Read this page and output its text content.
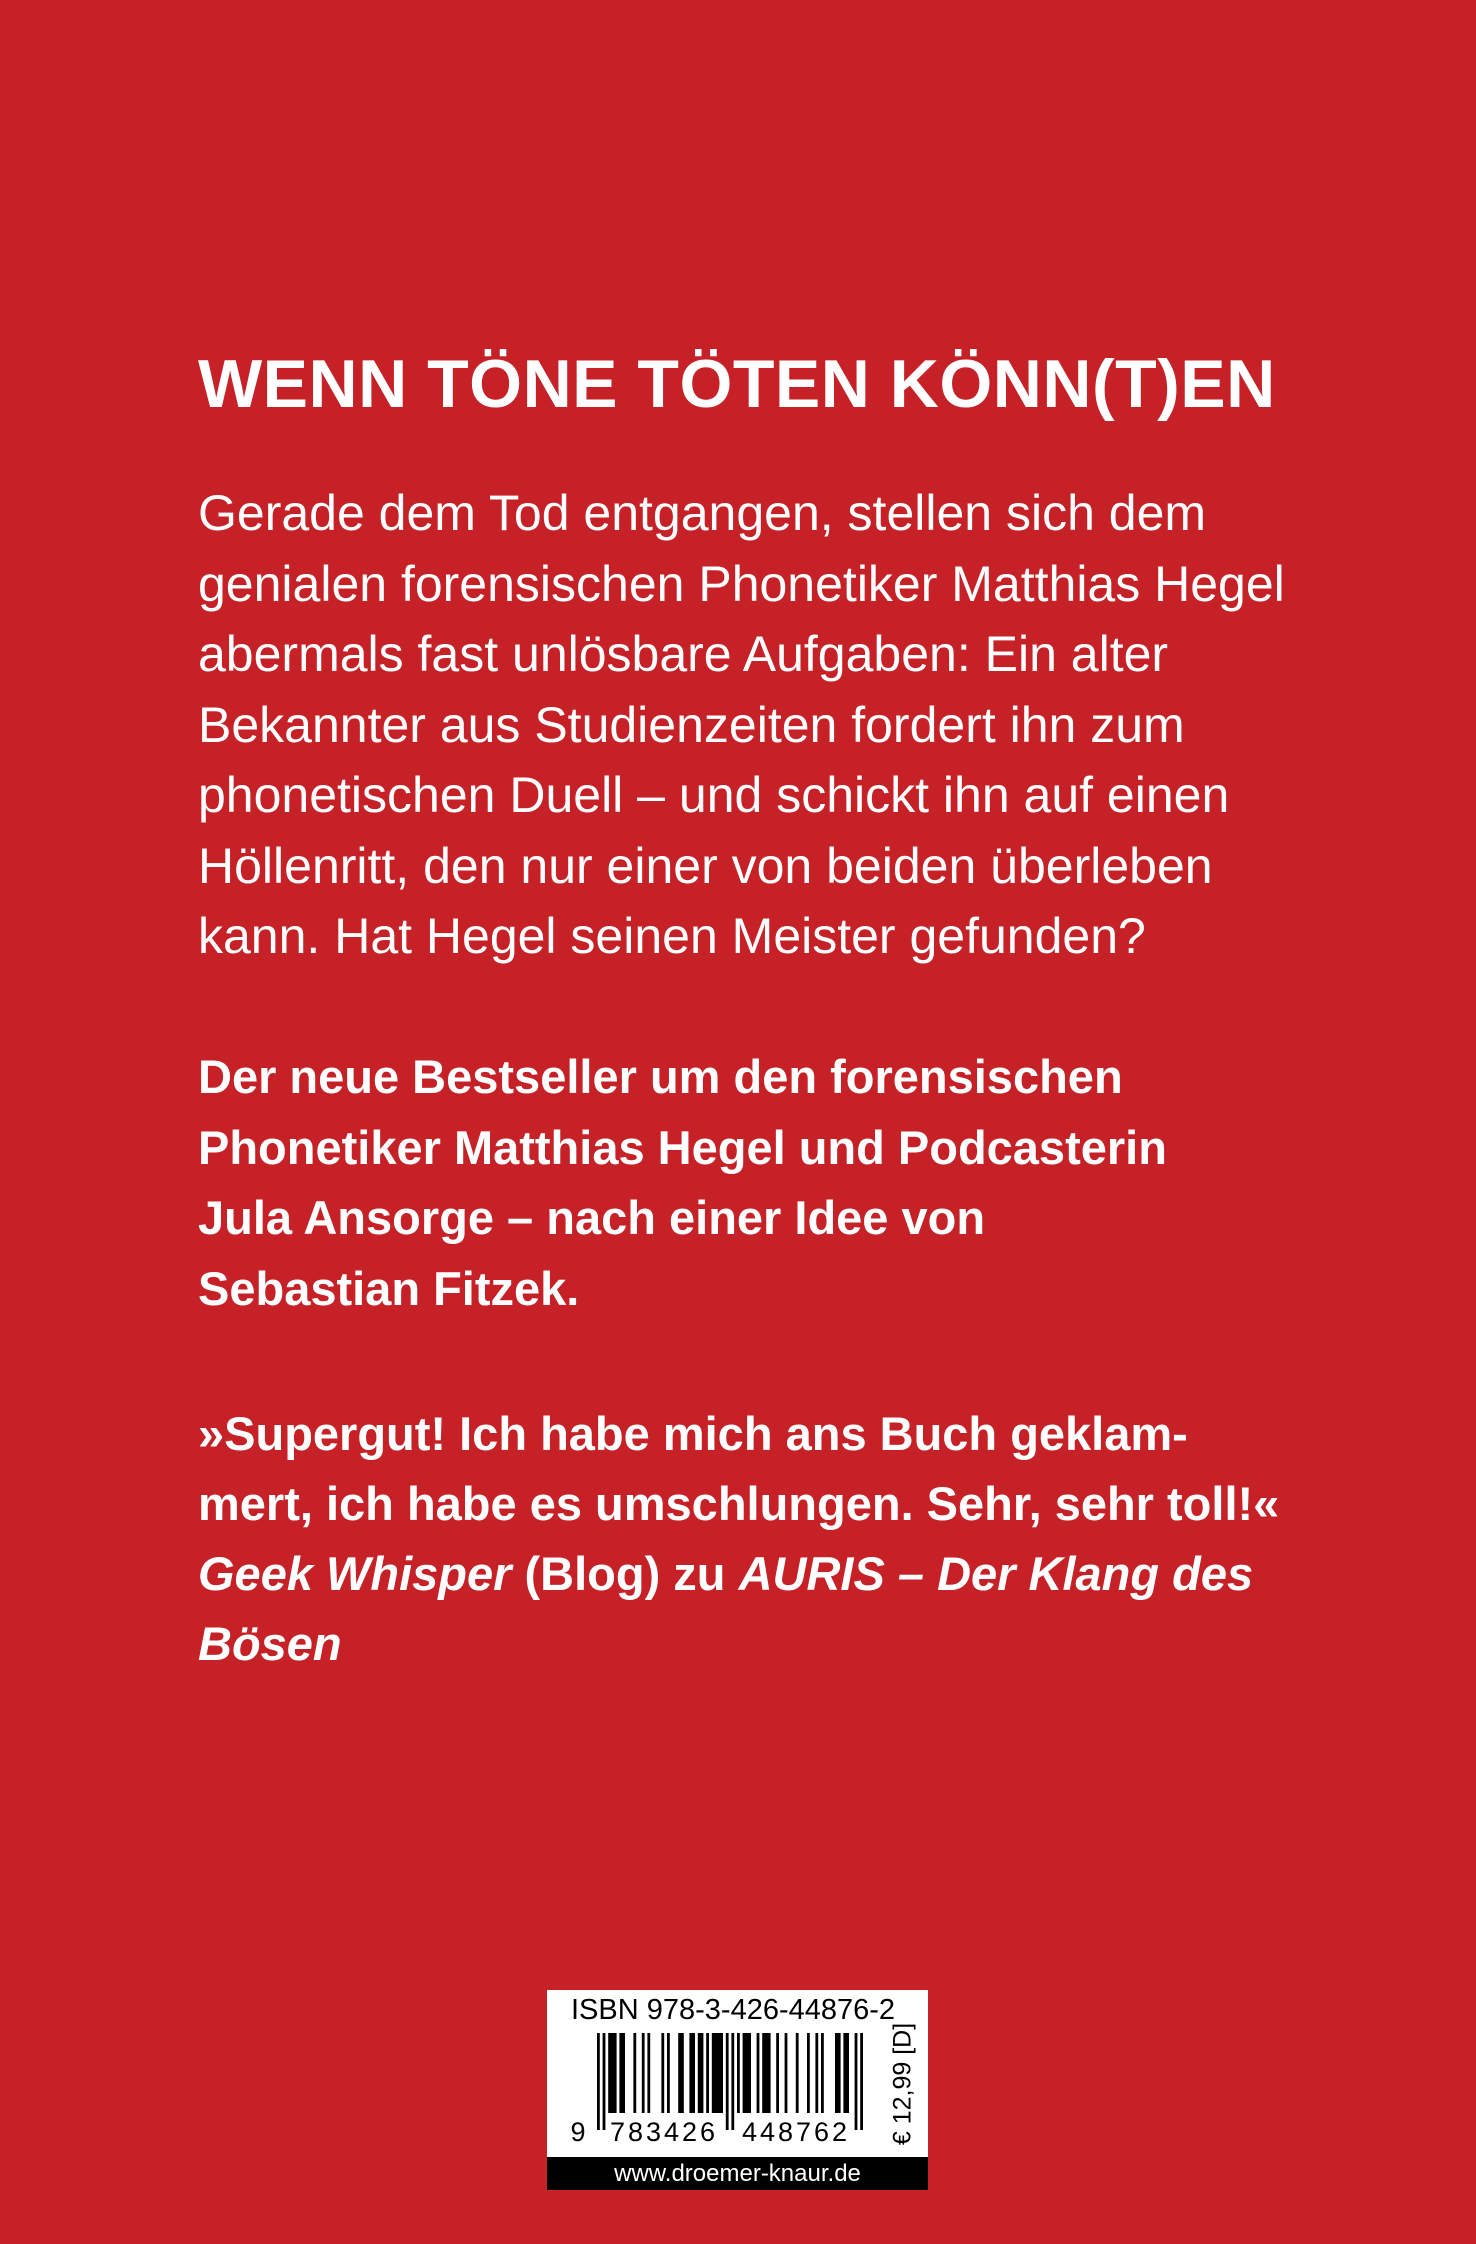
WENN TÖNE TÖTEN KÖNN(T)EN
Gerade dem Tod entgangen, stellen sich dem
genialen forensischen Phonetiker Matthias Hegel
abermals fast unlösbare Aufgaben: Ein alter
Bekannter aus Studienzeiten fordert ihn zum
phonetischen Duell – und schickt ihn auf einen
Höllenritt, den nur einer von beiden überleben
kann. Hat Hegel seinen Meister gefunden?
Der neue Bestseller um den forensischen
Phonetiker Matthias Hegel und Podcasterin
Jula Ansorge – nach einer Idee von
Sebastian Fitzek.
»Supergut! Ich habe mich ans Buch geklam-
mert, ich habe es umschlungen. Sehr, sehr toll!«
Geek Whisper (Blog) zu AURIS – Der Klang des
Bösen
ISBN 978-3-426-44876-2
9 783426 448762 € 12,99 [D]
www.droemer-knaur.de
